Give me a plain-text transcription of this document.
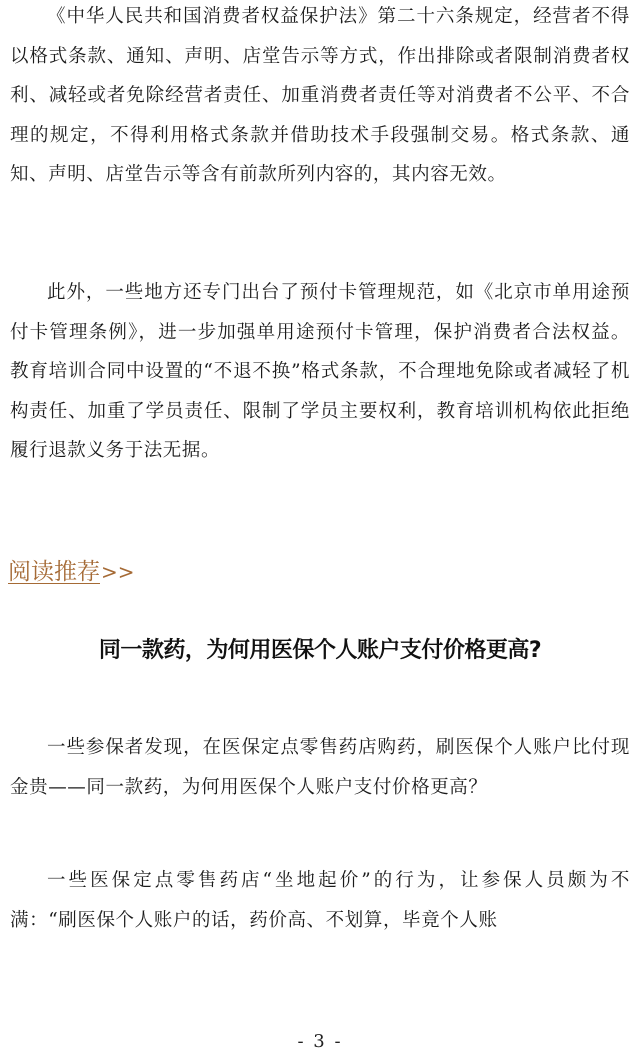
《中华人民共和国消费者权益保护法》第二十六条规定，经营者不得以格式条款、通知、声明、店堂告示等方式，作出排除或者限制消费者权利、减轻或者免除经营者责任、加重消费者责任等对消费者不公平、不合理的规定，不得利用格式条款并借助技术手段强制交易。格式条款、通知、声明、店堂告示等含有前款所列内容的，其内容无效。

此外，一些地方还专门出台了预付卡管理规范，如《北京市单用途预付卡管理条例》，进一步加强单用途预付卡管理，保护消费者合法权益。教育培训合同中设置的“不退不换”格式条款，不合理地免除或者减轻了机构责任、加重了学员责任、限制了学员主要权利，教育培训机构依此拒绝履行退款义务于法无据。

阅读推荐>>
同一款药，为何用医保个人账户支付价格更高?

一些参保者发现，在医保定点零售药店购药，刷医保个人账户比付现金贵——同一款药，为何用医保个人账户支付价格更高？

一些医保定点零售药店“坐地起价”的行为，让参保人员颇为不满：“刷医保个人账户的话，药价高、不划算，毕竟个人账

- 3 -
